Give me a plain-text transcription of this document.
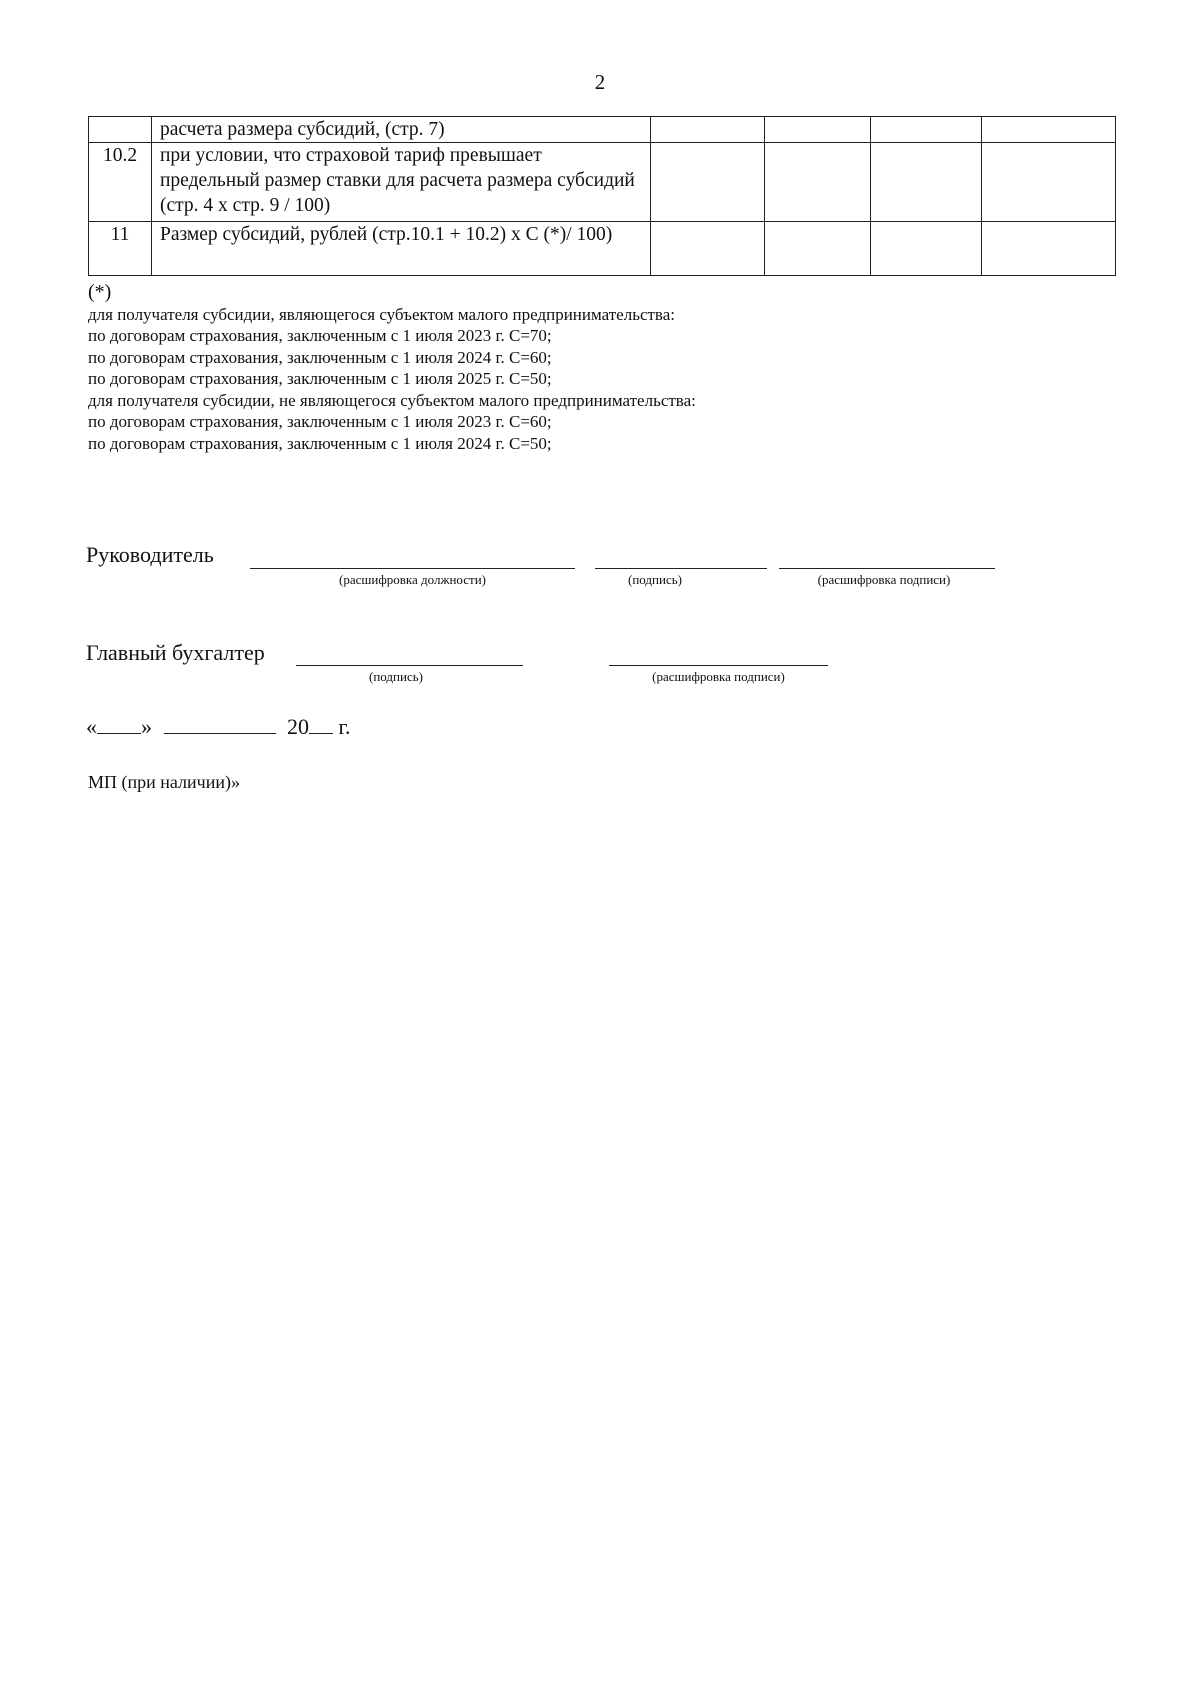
2
	расчета размера субсидий, (стр. 7)				
10.2	при условии, что страховой тариф превышает предельный размер ставки для расчета размера субсидий (стр. 4 x стр. 9 / 100)				
11	Размер субсидий, рублей (стр.10.1 + 10.2) x С (*)/ 100)				
(*)
для получателя субсидии, являющегося субъектом малого предпринимательства:
по договорам страхования, заключенным с 1 июля 2023 г. С=70;
по договорам страхования, заключенным с 1 июля 2024 г. С=60;
по договорам страхования, заключенным с 1 июля 2025 г. С=50;
для получателя субсидии, не являющегося субъектом малого предпринимательства:
по договорам страхования, заключенным с 1 июля 2023 г. С=60;
по договорам страхования, заключенным с 1 июля 2024 г. С=50;
Руководитель
(расшифровка должности)	(подпись)	(расшифровка подписи)
Главный бухгалтер
(подпись)	(расшифровка подписи)
« »	20 г.
МП (при наличии)»
